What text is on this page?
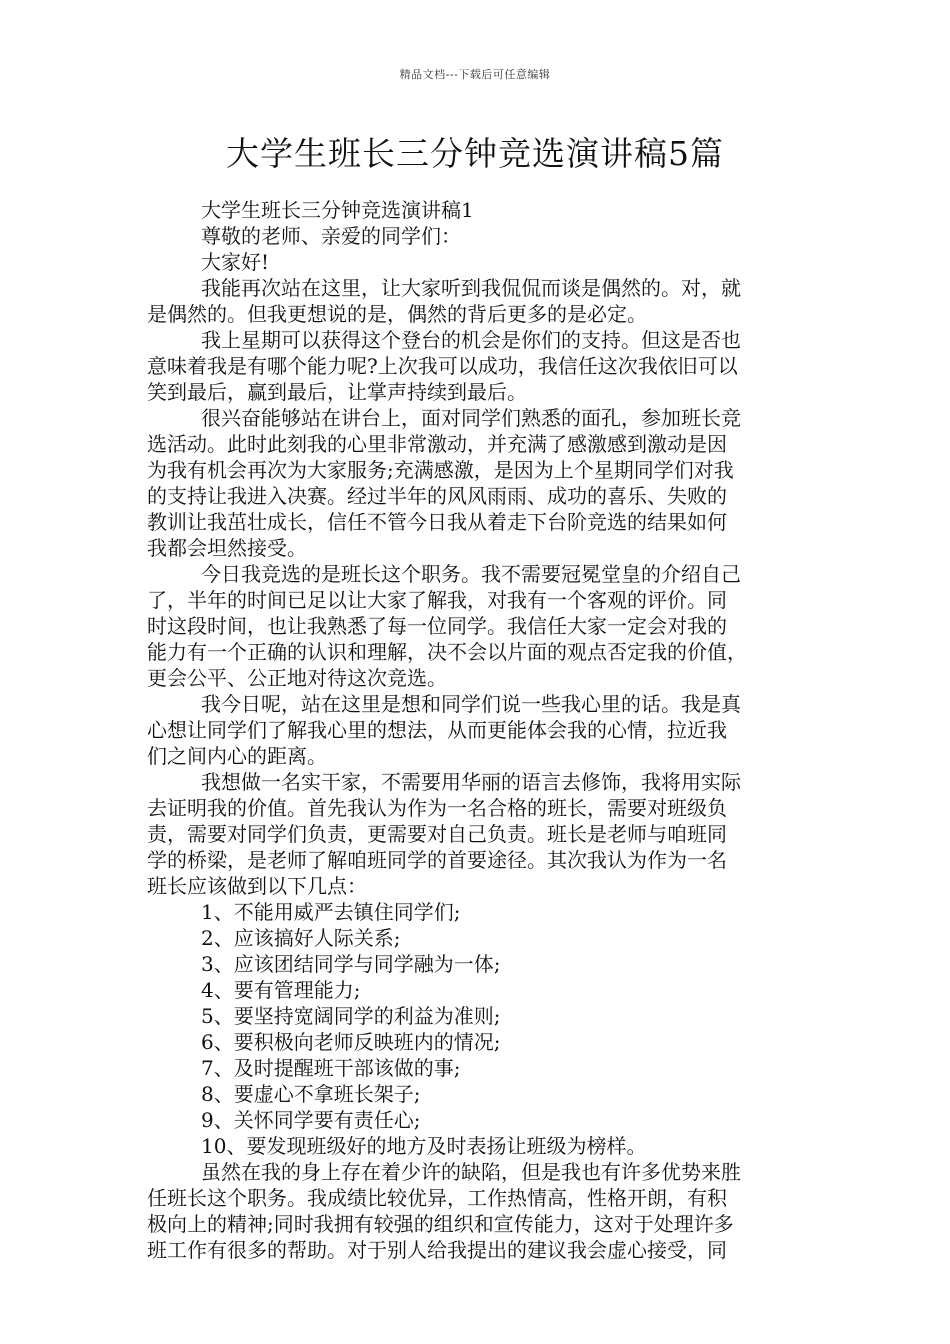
精品文档---下载后可任意编辑
大学生班长三分钟竞选演讲稿5篇

大学生班长三分钟竞选演讲稿1

尊敬的老师、亲爱的同学们：

大家好!

我能再次站在这里，让大家听到我侃侃而谈是偶然的。对，就

是偶然的。但我更想说的是，偶然的背后更多的是必定。

我上星期可以获得这个登台的机会是你们的支持。但这是否也

意味着我是有哪个能力呢?上次我可以成功，我信任这次我依旧可以

笑到最后，赢到最后，让掌声持续到最后。

很兴奋能够站在讲台上，面对同学们熟悉的面孔，参加班长竞

选活动。此时此刻我的心里非常激动，并充满了感激感到激动是因

为我有机会再次为大家服务;充满感激，是因为上个星期同学们对我

的支持让我进入决赛。经过半年的风风雨雨、成功的喜乐、失败的

教训让我茁壮成长，信任不管今日我从着走下台阶竞选的结果如何

我都会坦然接受。

今日我竞选的是班长这个职务。我不需要冠冕堂皇的介绍自己

了，半年的时间已足以让大家了解我，对我有一个客观的评价。同

时这段时间，也让我熟悉了每一位同学。我信任大家一定会对我的

能力有一个正确的认识和理解，决不会以片面的观点否定我的价值，

更会公平、公正地对待这次竞选。

我今日呢，站在这里是想和同学们说一些我心里的话。我是真

心想让同学们了解我心里的想法，从而更能体会我的心情，拉近我

们之间内心的距离。

我想做一名实干家，不需要用华丽的语言去修饰，我将用实际

去证明我的价值。首先我认为作为一名合格的班长，需要对班级负

责，需要对同学们负责，更需要对自己负责。班长是老师与咱班同

学的桥梁，是老师了解咱班同学的首要途径。其次我认为作为一名

班长应该做到以下几点：

1、不能用威严去镇住同学们;

2、应该搞好人际关系;

3、应该团结同学与同学融为一体;

4、要有管理能力;

5、要坚持宽阔同学的利益为准则;

6、要积极向老师反映班内的情况;

7、及时提醒班干部该做的事;

8、要虚心不拿班长架子;

9、关怀同学要有责任心;

10、要发现班级好的地方及时表扬让班级为榜样。

虽然在我的身上存在着少许的缺陷，但是我也有许多优势来胜

任班长这个职务。我成绩比较优异，工作热情高，性格开朗，有积

极向上的精神;同时我拥有较强的组织和宣传能力，这对于处理许多

班工作有很多的帮助。对于别人给我提出的建议我会虚心接受，同
